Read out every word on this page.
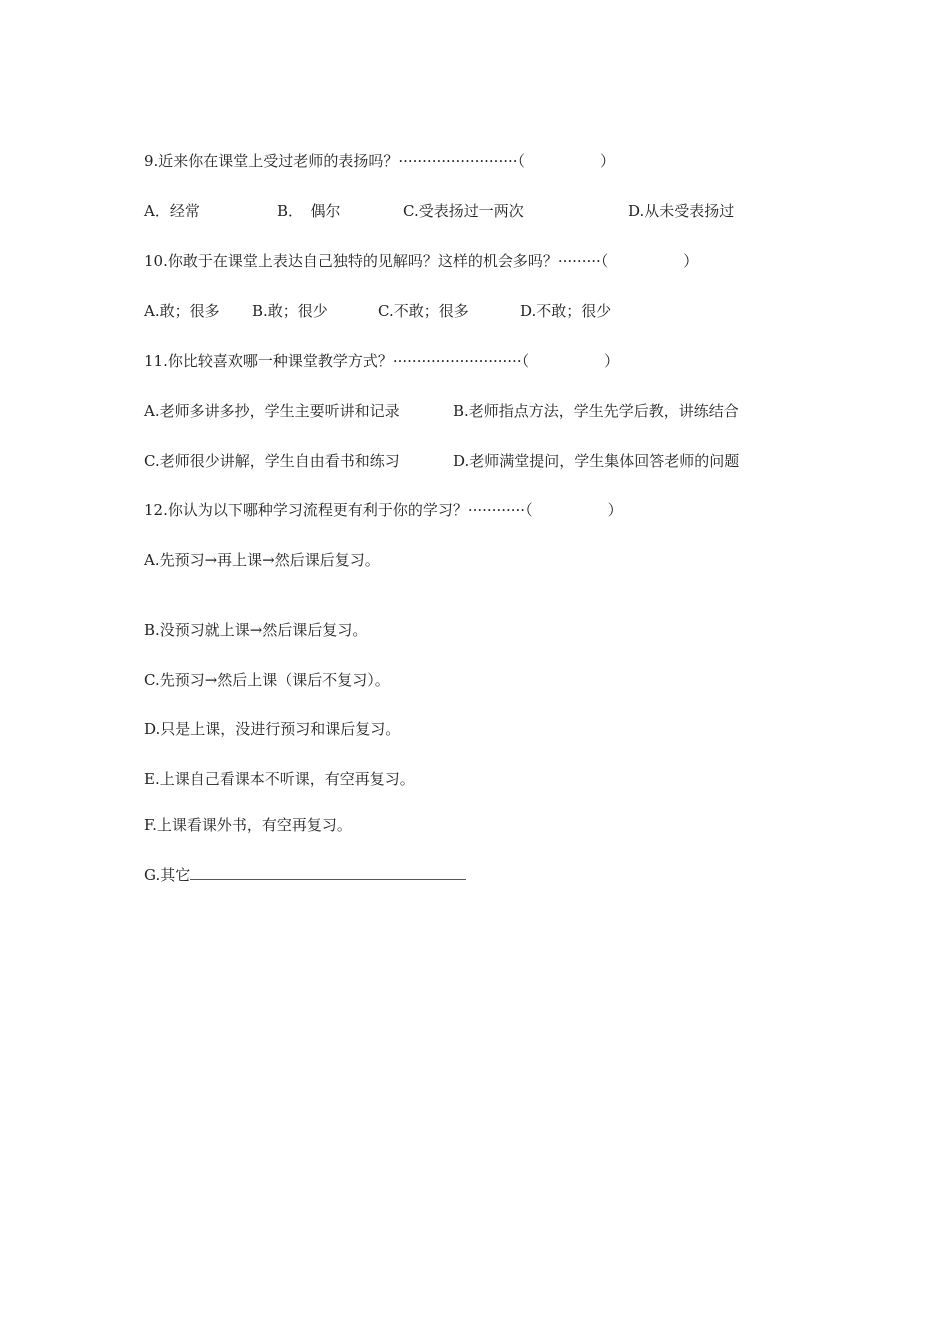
9.近来你在课堂上受过老师的表扬吗？·························（　　　　　）
A．经常	B．　偶尔	C.受表扬过一两次	D.从未受表扬过
10.你敢于在课堂上表达自己独特的见解吗？这样的机会多吗？·········（　　　　　）
A.敢；很多 B.敢；很少	C.不敢；很多	D.不敢；很少
11.你比较喜欢哪一种课堂教学方式？···························（　　　　　）
A.老师多讲多抄，学生主要听讲和记录	B.老师指点方法，学生先学后教，讲练结合
C.老师很少讲解，学生自由看书和练习	D.老师满堂提问，学生集体回答老师的问题
12.你认为以下哪种学习流程更有利于你的学习？············（　　　　　）
A.先预习→再上课→然后课后复习。
B.没预习就上课→然后课后复习。
C.先预习→然后上课（课后不复习）。
D.只是上课，没进行预习和课后复习。
E.上课自己看课本不听课，有空再复习。
F.上课看课外书，有空再复习。
G.其它
